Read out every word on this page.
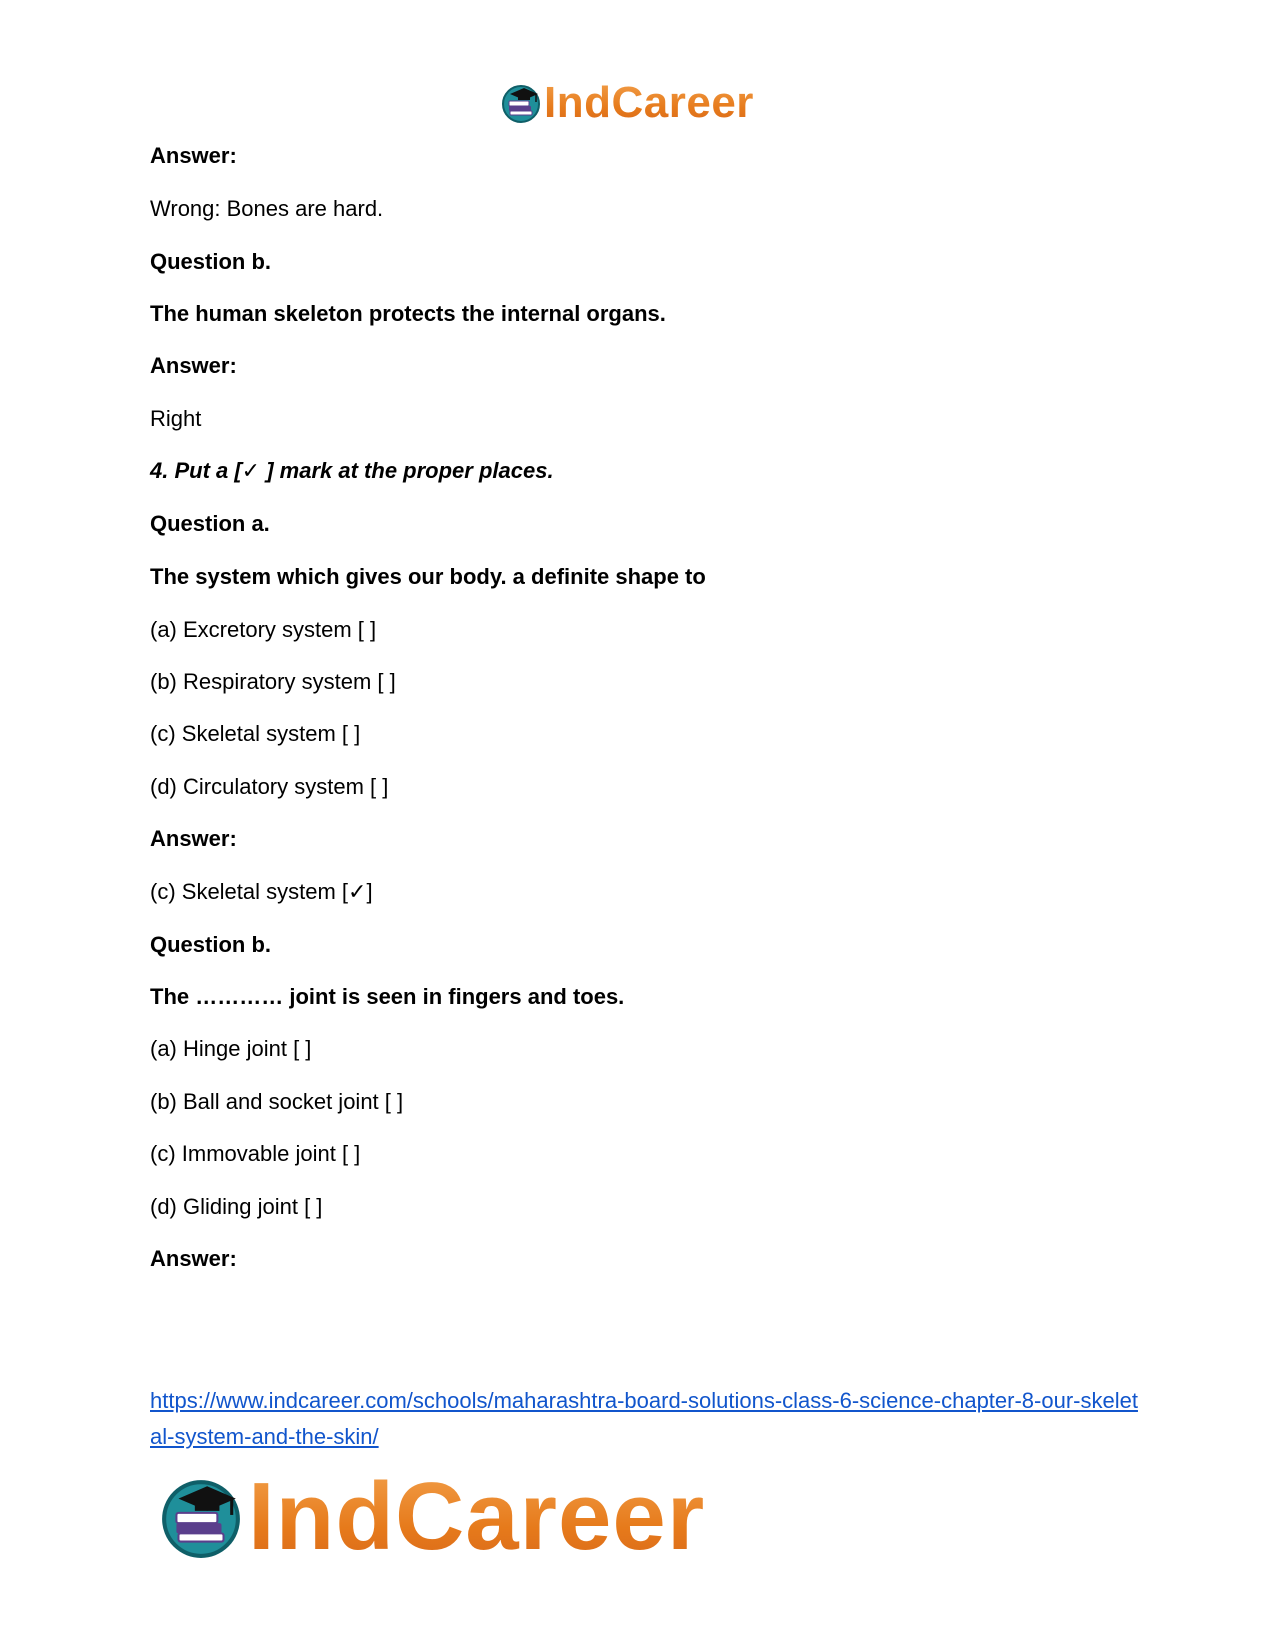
IndCareer
Answer:
Wrong: Bones are hard.
Question b.
The human skeleton protects the internal organs.
Answer:
Right
4. Put a [✓ ] mark at the proper places.
Question a.
The system which gives our body. a definite shape to
(a) Excretory system [ ]
(b) Respiratory system [ ]
(c) Skeletal system [ ]
(d) Circulatory system [ ]
Answer:
(c) Skeletal system [✓]
Question b.
The ………… joint is seen in fingers and toes.
(a) Hinge joint [ ]
(b) Ball and socket joint [ ]
(c) Immovable joint [ ]
(d) Gliding joint [ ]
Answer:
https://www.indcareer.com/schools/maharashtra-board-solutions-class-6-science-chapter-8-our-skeletal-system-and-the-skin/
IndCareer
